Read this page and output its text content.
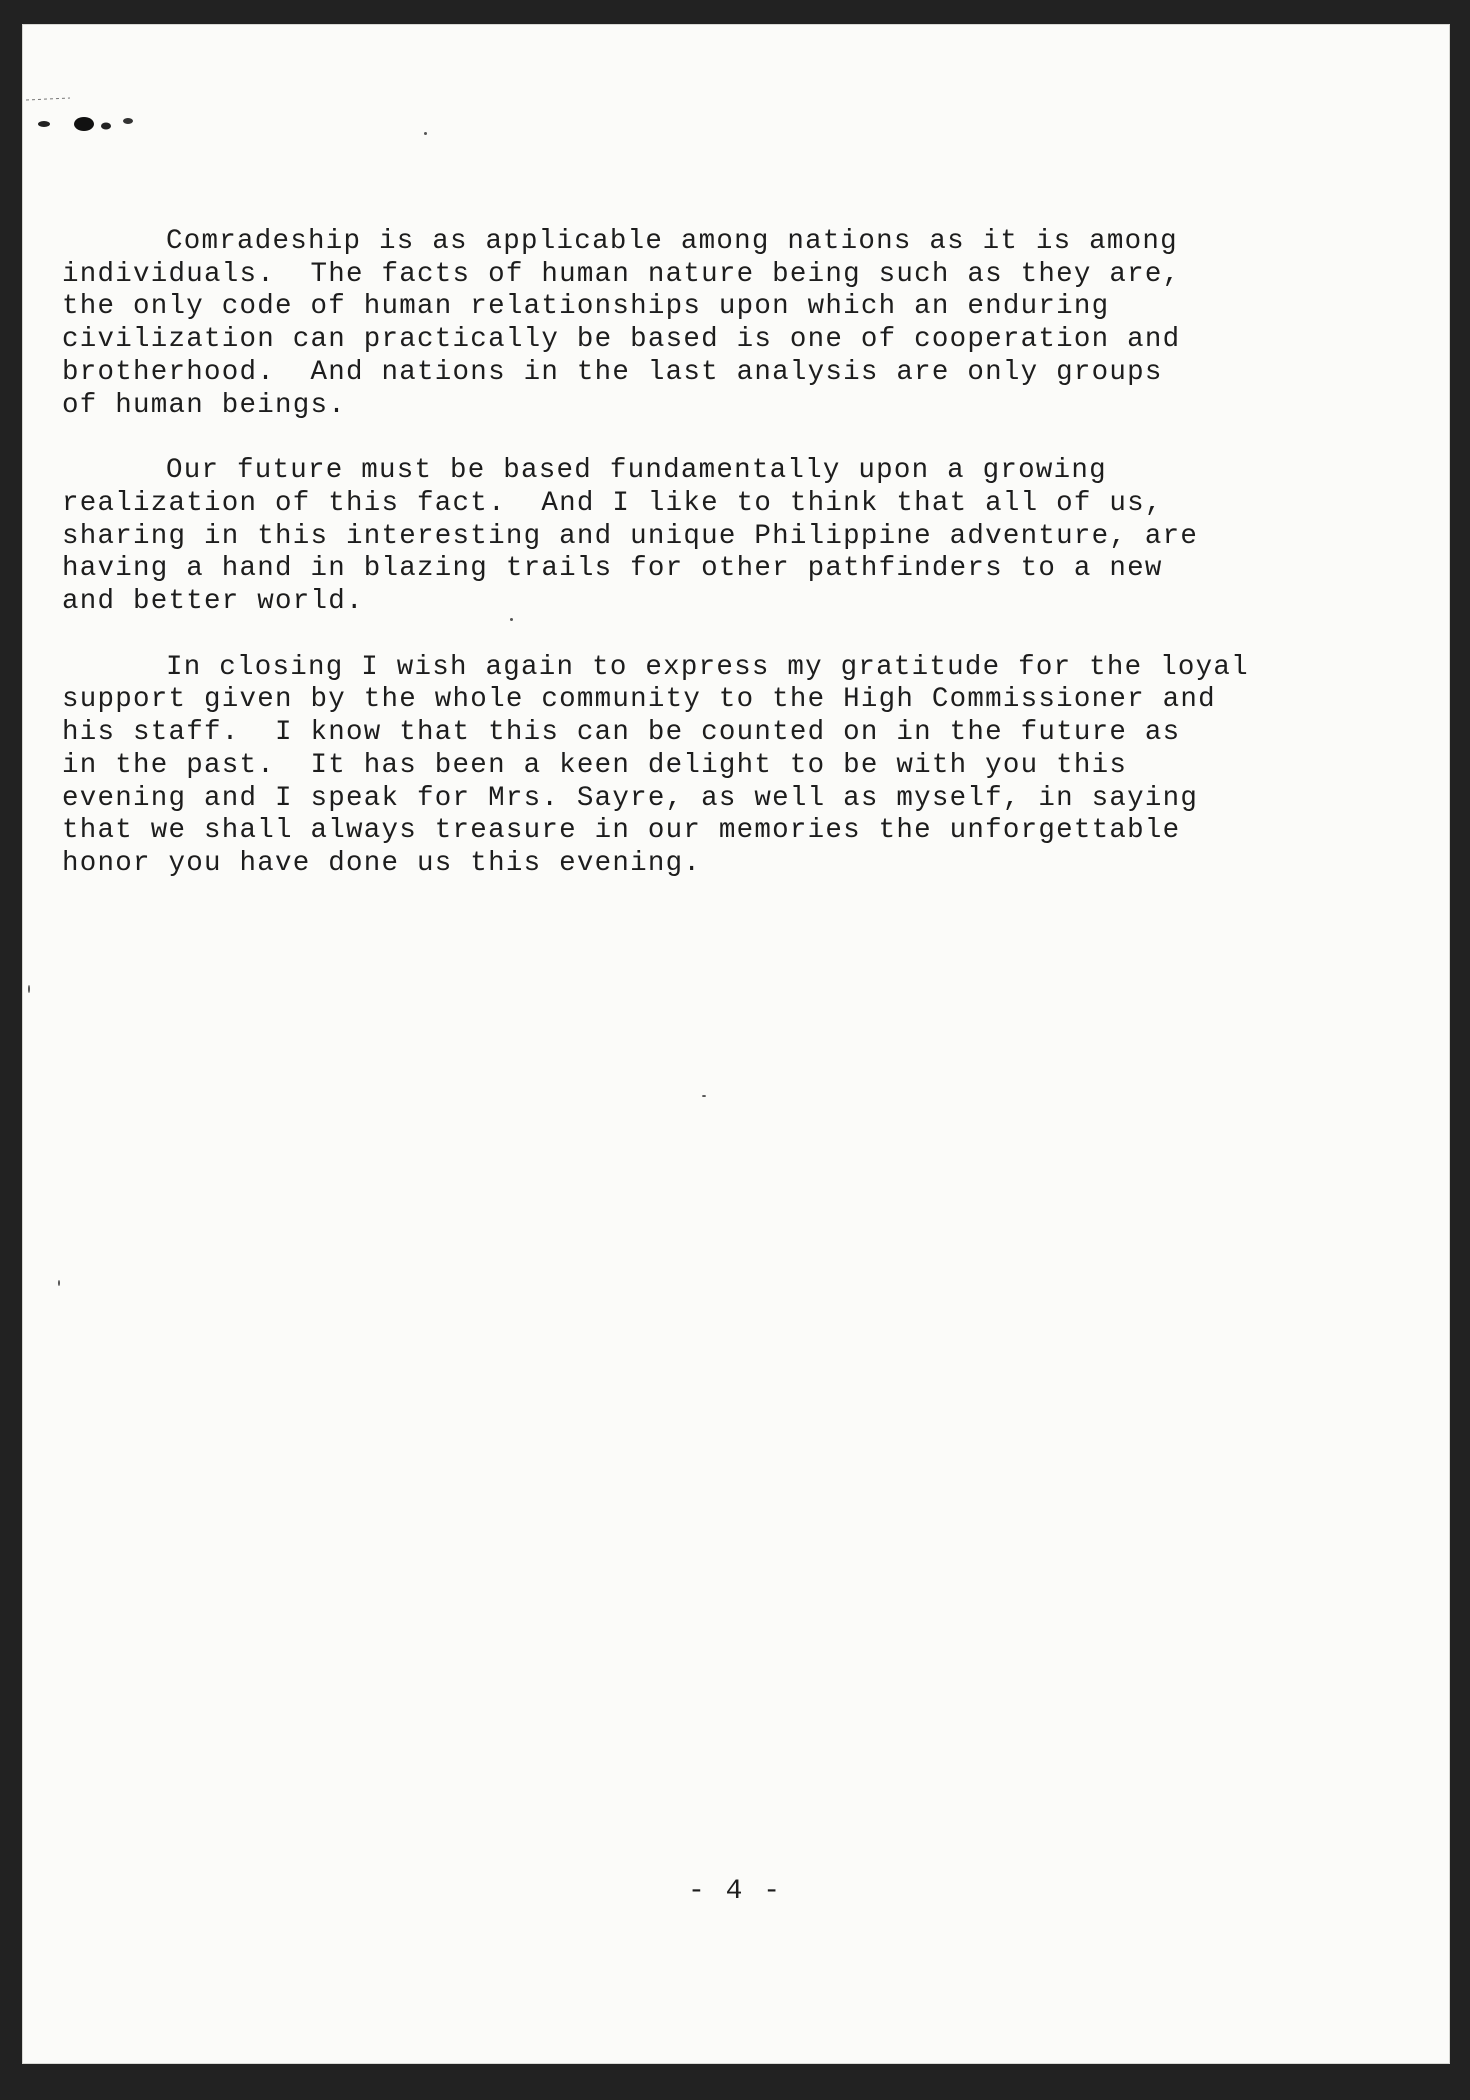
Comradeship is as applicable among nations as it is among
individuals.  The facts of human nature being such as they are,
the only code of human relationships upon which an enduring
civilization can practically be based is one of cooperation and
brotherhood.  And nations in the last analysis are only groups
of human beings.

Our future must be based fundamentally upon a growing
realization of this fact.  And I like to think that all of us,
sharing in this interesting and unique Philippine adventure, are
having a hand in blazing trails for other pathfinders to a new
and better world.

In closing I wish again to express my gratitude for the loyal
support given by the whole community to the High Commissioner and
his staff.  I know that this can be counted on in the future as
in the past.  It has been a keen delight to be with you this
evening and I speak for Mrs. Sayre, as well as myself, in saying
that we shall always treasure in our memories the unforgettable
honor you have done us this evening.

- 4 -
